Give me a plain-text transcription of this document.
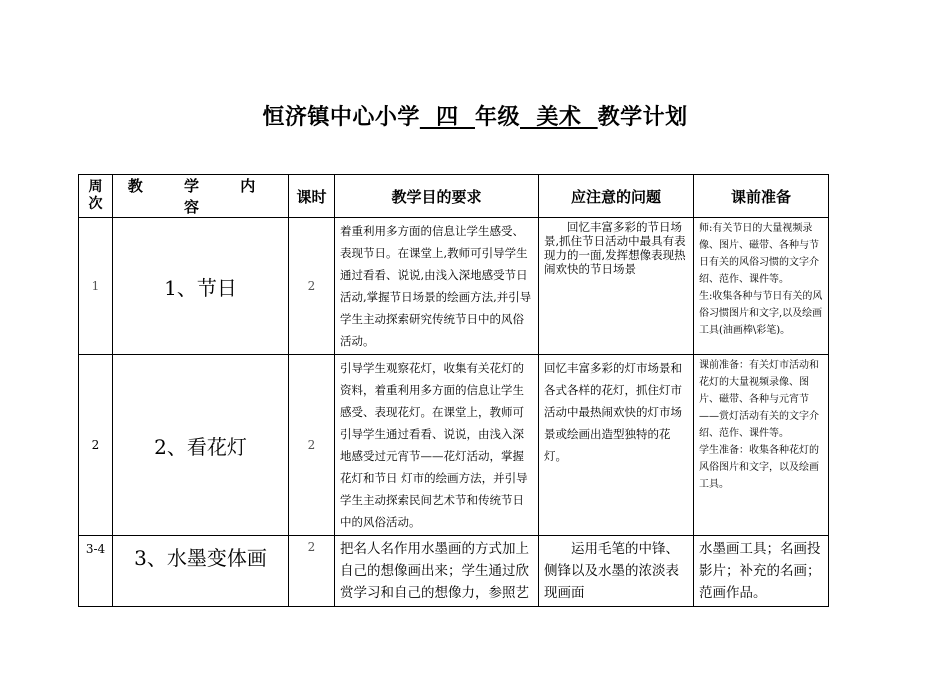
恒济镇中心小学  四  年级  美术  教学计划
周
次	教 学 内 容	课时	教学目的要求	应注意的问题	课前准备
1	1、节日	2	着重利用多方面的信息让学生感受、表现节日。在课堂上,教师可引导学生通过看看、说说,由浅入深地感受节日活动,掌握节日场景的绘画方法,并引导学生主动探索研究传统节日中的风俗活动。	回忆丰富多彩的节日场景,抓住节日活动中最具有表现力的一面,发挥想像表现热闹欢快的节日场景	师:有关节日的大量视频录像、图片、磁带、各种与节日有关的风俗习惯的文字介绍、范作、课件等。
生:收集各种与节日有关的风俗习惯图片和文字,以及绘画工具(油画棒\彩笔)。
2	2、看花灯	2	引导学生观察花灯，收集有关花灯的资料，着重利用多方面的信息让学生感受、表现花灯。在课堂上，教师可引导学生通过看看、说说，由浅入深地感受过元宵节——花灯活动，掌握花灯和节日 灯市的绘画方法，并引导学生主动探索民间艺术节和传统节日中的风俗活动。	回忆丰富多彩的灯市场景和各式各样的花灯，抓住灯市活动中最热闹欢快的灯市场景或绘画出造型独特的花灯。	课前准备：有关灯市活动和花灯的大量视频录像、图片、磁带、各种与元宵节——赏灯活动有关的文字介绍、范作、课件等。
学生准备：收集各种花灯的风俗图片和文字，以及绘画工具。
3-4	3、水墨变体画	2	把名人名作用水墨画的方式加上自己的想像画出来；学生通过欣赏学习和自己的想像力，参照艺	运用毛笔的中锋、侧锋以及水墨的浓淡表现画面	水墨画工具；名画投影片；补充的名画；范画作品。
